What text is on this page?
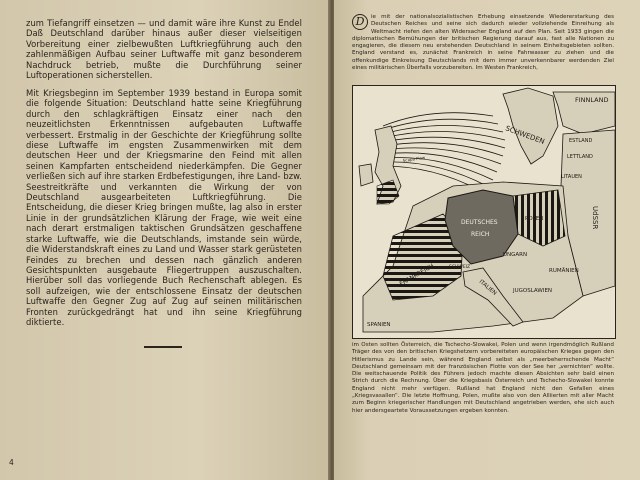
zum Tiefangriff einsetzen — und damit wäre ihre Kunst zu Endel Daß Deutschland darüber hinaus außer dieser vielseitigen Vorbereitung einer zielbewußten Luftkriegführung auch den zahlenmäßigen Aufbau seiner Luftwaffe mit ganz besonderem Nachdruck betrieb, mußte die Durchführung seiner Luftoperationen sicherstellen.

Mit Kriegsbeginn im September 1939 bestand in Europa somit die folgende Situation: Deutschland hatte seine Kriegführung durch den schlagkräftigen Einsatz einer nach den neuzeitlichsten Erkenntnissen aufgebauten Luftwaffe verbessert. Erstmalig in der Geschichte der Kriegführung sollte diese Luftwaffe im engsten Zusammenwirken mit dem deutschen Heer und der Kriegsmarine den Feind mit allen seinen Kampfarten entscheidend niederkämpfen. Die Gegner verließen sich auf ihre starken Erdbefestigungen, ihre Land- bzw. Seestreitkräfte und verkannten die Wirkung der von Deutschland ausgearbeiteten Luftkriegführung. Die Entscheidung, die dieser Krieg bringen mußte, lag also in erster Linie in der grundsätzlichen Klärung der Frage, wie weit eine nach derart erstmaligen taktischen Grundsätzen geschaffene starke Luftwaffe, wie die Deutschlands, imstande sein würde, die Widerstandskraft eines zu Land und Wasser stark gerüsteten Feindes zu brechen und dessen nach gänzlich anderen Gesichtspunkten ausgebaute Fliegertruppen auszuschalten. Hierüber soll das vorliegende Buch Rechenschaft ablegen. Es soll aufzeigen, wie der entschlossene Einsatz der deutschen Luftwaffe den Gegner Zug auf Zug auf seinen militärischen Fronten zurückgedrängt hat und ihn seine Kriegführung diktierte.

4

D	ie mit der nationalsozialistischen Erhebung einsetzende Wiedererstarkung des Deutschen Reiches und seine sich dadurch wieder vollziehende Einreihung als Weltmacht riefen den alten Widersacher England auf den Plan. Seit 1933 gingen die diplomatischen Bemühungen der britischen Regierung darauf aus, fast alle Nationen zu engagieren, die diesem neu erstehenden Deutschland in seinem Einheitsgebieten sollten. England verstand es, zunächst Frankreich in seine Fahrwasser zu ziehen und die offenkundige Einkreisung Deutschlands mit dem immer unverkennbarer werdenden Ziel eines militärischen Überfalls vorzubereiten. Im Westen Frankreich,

FINNLAND
SCHWEDEN	ESTLAND
LETTLAND
LITAUEN
UdSSR
DEUTSCHES
REICH
POLEN
FRANKREICH	SCHWEIZ
ITALIEN
UNGARN
RUMÄNIEN
JUGOSLAWIEN
SPANIEN
Scapa Flow

im Osten sollten Österreich, die Tschecho-Slowakei, Polen und wenn irgendmöglich Rußland Träger des von den britischen Kriegshetzern vorbereiteten europäischen Krieges gegen den Hitlerismus zu Lande sein, während England selbst als „meerbeherrschende Macht“ Deutschland gemeinsam mit der französischen Flotte von der See her „vernichten“ wollte. Die weitschauende Politik des Führers jedoch machte diesen Absichten sehr bald einen Strich durch die Rechnung. Über die Kriegsbasis Österreich und Tschecho-Slowakei konnte England nicht mehr verfügen. Rußland hat England nicht den Gefallen eines „Kriegsvasallen“. Die letzte Hoffnung, Polen, mußte also von den Alliierten mit aller Macht zum Beginn kriegerischer Handlungen mit Deutschland angetrieben werden, ehe sich auch hier andersgeartete Voraussetzungen ergeben konnten.
